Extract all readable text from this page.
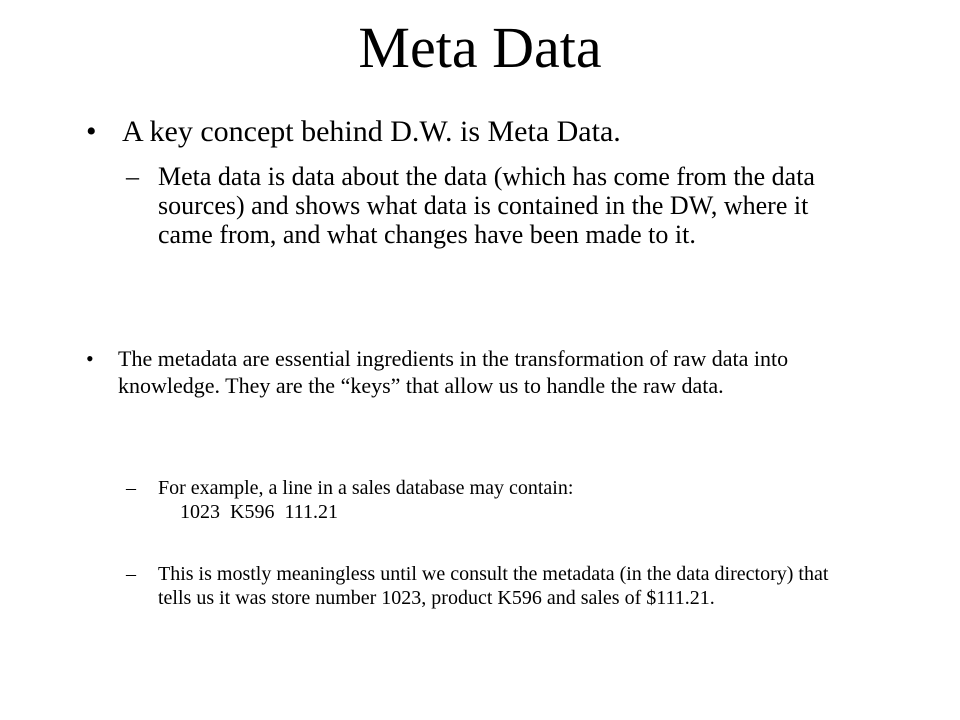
Meta Data
• A key concept behind D.W. is Meta Data.
– Meta data is data about the data (which has come from the data sources) and shows what data is contained in the DW, where it came from, and what changes have been made to it.
• The metadata are essential ingredients in the transformation of raw data into knowledge. They are the “keys” that allow us to handle the raw data.
– For example, a line in a sales database may contain:
1023  K596  111.21
– This is mostly meaningless until we consult the metadata (in the data directory) that tells us it was store number 1023, product K596 and sales of $111.21.
